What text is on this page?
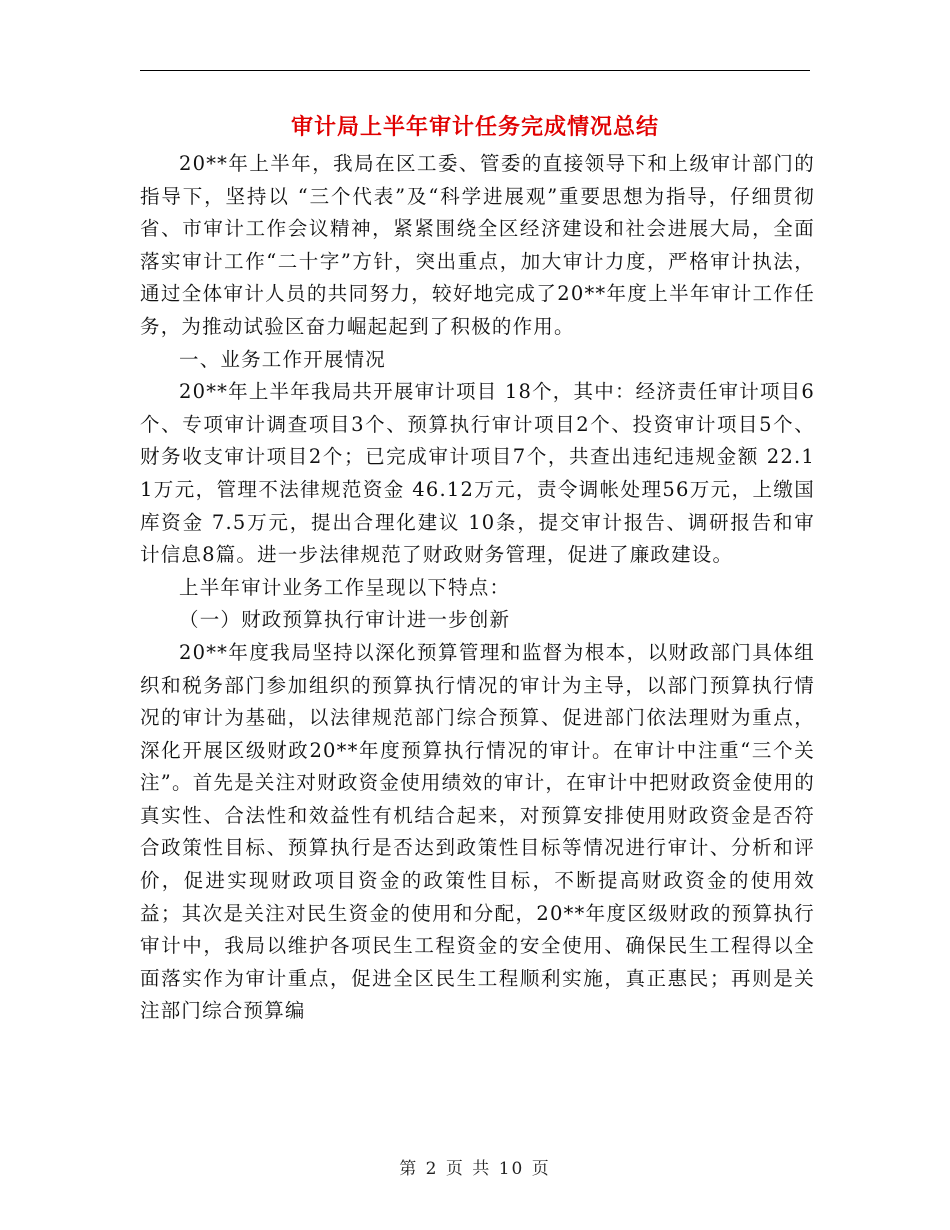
审计局上半年审计任务完成情况总结

20**年上半年，我局在区工委、管委的直接领导下和上级审计部门的指导下，坚持以 “三个代表”及“科学进展观”重要思想为指导，仔细贯彻省、市审计工作会议精神，紧紧围绕全区经济建设和社会进展大局，全面落实审计工作“二十字”方针，突出重点，加大审计力度，严格审计执法，通过全体审计人员的共同努力，较好地完成了20**年度上半年审计工作任务，为推动试验区奋力崛起起到了积极的作用。

一、业务工作开展情况

20**年上半年我局共开展审计项目 18个，其中：经济责任审计项目6个、专项审计调查项目3个、预算执行审计项目2个、投资审计项目5个、财务收支审计项目2个；已完成审计项目7个，共查出违纪违规金额 22.11万元，管理不法律规范资金 46.12万元，责令调帐处理56万元，上缴国库资金 7.5万元，提出合理化建议 10条，提交审计报告、调研报告和审计信息8篇。进一步法律规范了财政财务管理，促进了廉政建设。

上半年审计业务工作呈现以下特点：

（一）财政预算执行审计进一步创新

20**年度我局坚持以深化预算管理和监督为根本，以财政部门具体组织和税务部门参加组织的预算执行情况的审计为主导，以部门预算执行情况的审计为基础，以法律规范部门综合预算、促进部门依法理财为重点，深化开展区级财政20**年度预算执行情况的审计。在审计中注重“三个关注”。首先是关注对财政资金使用绩效的审计，在审计中把财政资金使用的真实性、合法性和效益性有机结合起来，对预算安排使用财政资金是否符合政策性目标、预算执行是否达到政策性目标等情况进行审计、分析和评价，促进实现财政项目资金的政策性目标，不断提高财政资金的使用效益；其次是关注对民生资金的使用和分配，20**年度区级财政的预算执行审计中，我局以维护各项民生工程资金的安全使用、确保民生工程得以全面落实作为审计重点，促进全区民生工程顺利实施，真正惠民；再则是关注部门综合预算编

第 2 页 共 10 页
